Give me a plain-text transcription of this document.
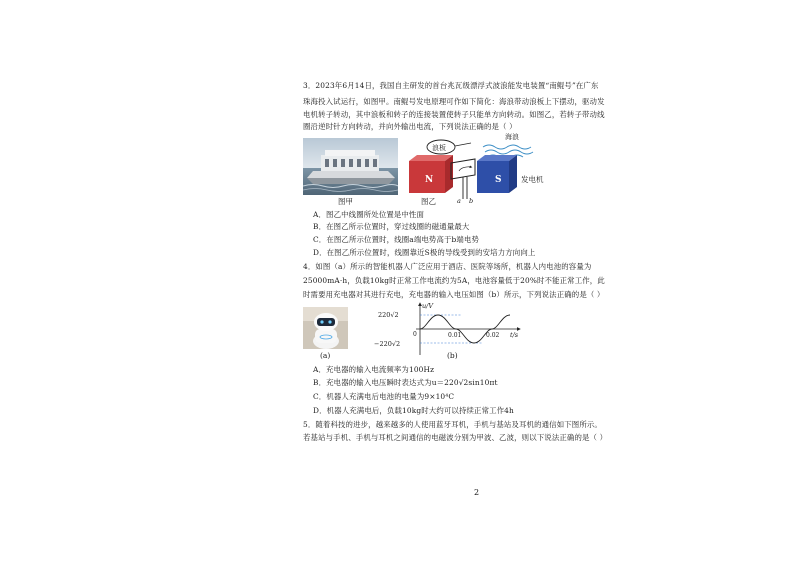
3．2023年6月14日，我国自主研发的首台兆瓦级漂浮式波浪能发电装置“南鲲号”在广东
珠海投入试运行，如图甲。南鲲号发电原理可作如下简化：海浪带动浪板上下摆动，驱动发
电机转子转动，其中浪板和转子的连接装置使转子只能单方向转动。如图乙，若转子带动线
圈沿逆时针方向转动，并向外输出电流，下列说法正确的是（ ）
图甲
海浪
浪板
N	S
a b
发电机
图乙
A．图乙中线圈所处位置是中性面
B．在图乙所示位置时，穿过线圈的磁通量最大
C．在图乙所示位置时，线圈a端电势高于b端电势
D．在图乙所示位置时，线圈靠近S极的导线受到的安培力方向向上
4．如图（a）所示的智能机器人广泛应用于酒店、医院等场所，机器人内电池的容量为
25000mA·h，负载10kg时正常工作电流约为5A，电池容量低于20%时不能正常工作，此
时需要用充电器对其进行充电，充电器的输入电压如图（b）所示，下列说法正确的是（ ）
(a)
u/V
t/s
220√2
−220√2
0	0.01	0.02
(b)
A．充电器的输入电流频率为100Hz
B．充电器的输入电压瞬时表达式为u＝220√2sin10πt
C．机器人充满电后电池的电量为9×10⁴C
D．机器人充满电后，负载10kg时大约可以持续正常工作4h
5．随着科技的进步，越来越多的人使用蓝牙耳机，手机与基站及耳机的通信如下图所示。
若基站与手机、手机与耳机之间通信的电磁波分别为甲波、乙波，则以下说法正确的是（ ）
2
